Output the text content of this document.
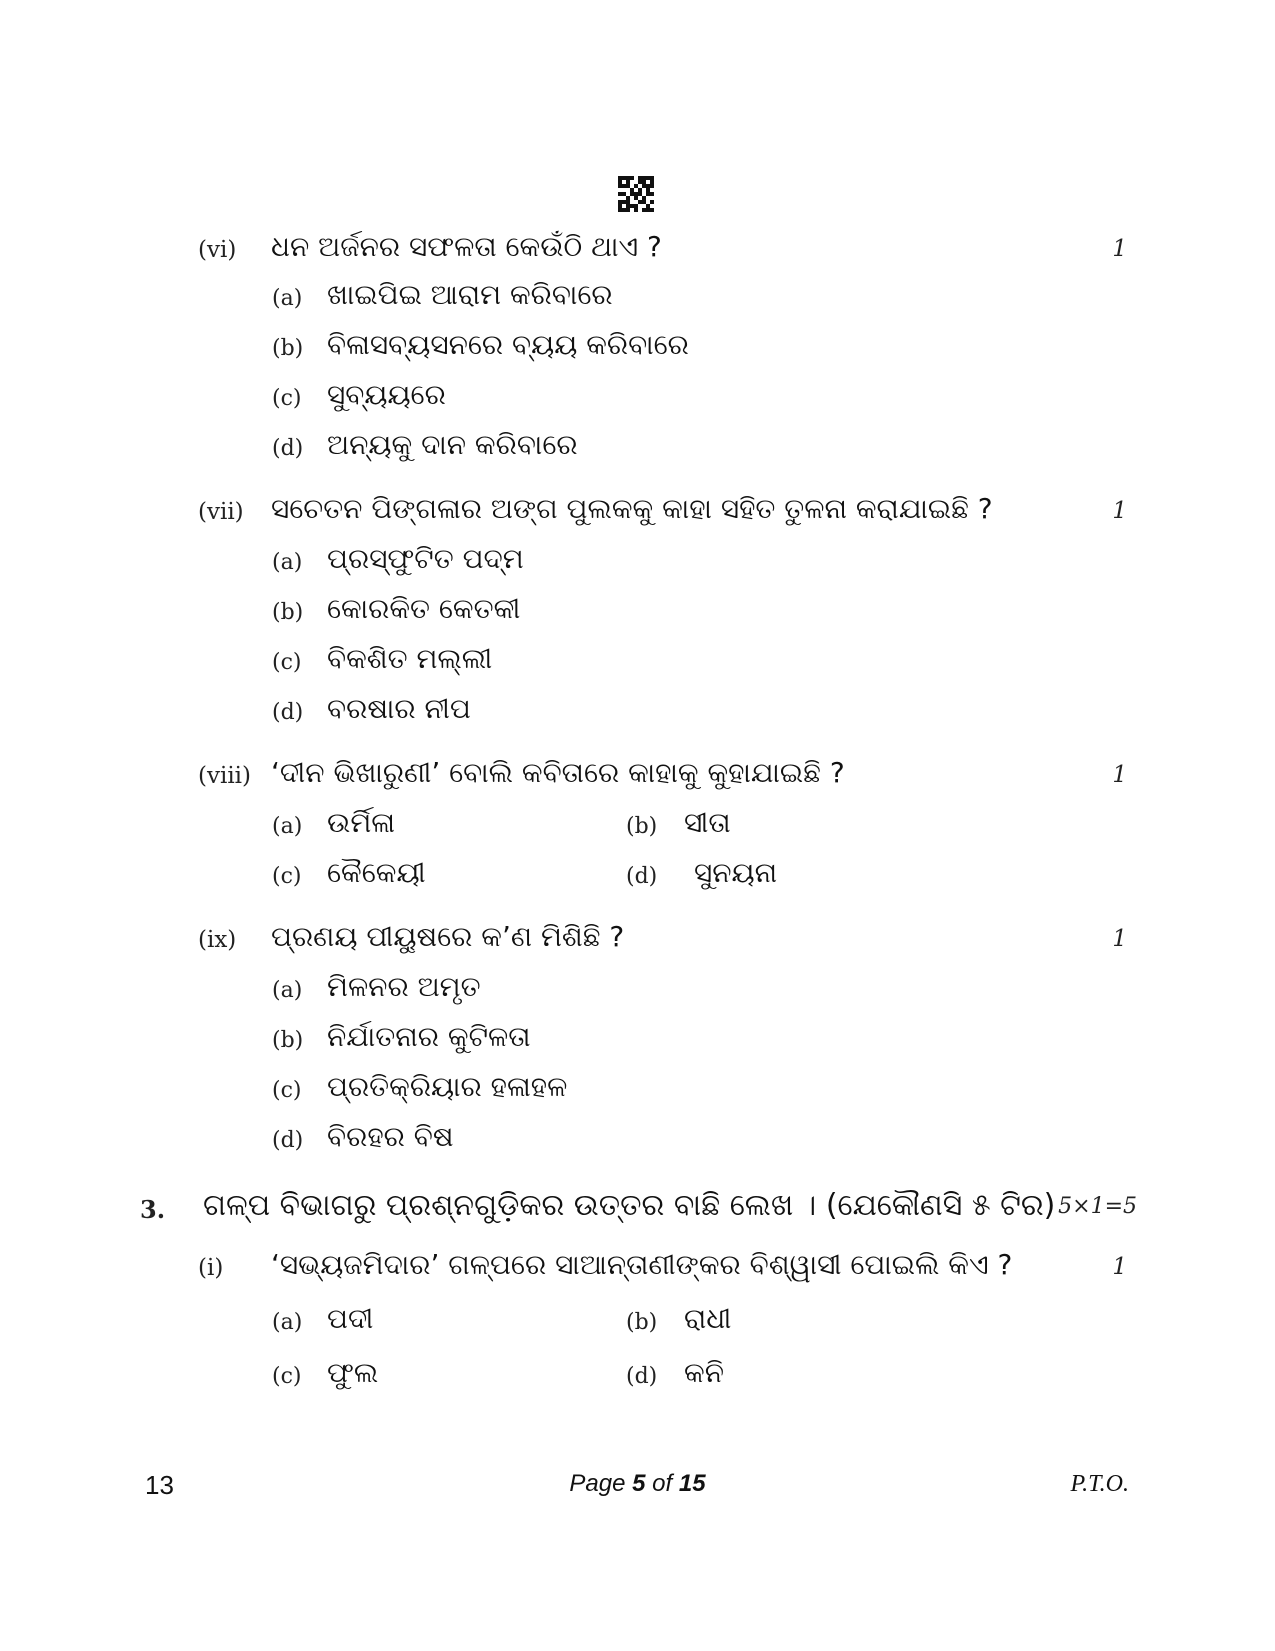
(vi) ଧନ ଅର୍ଜନର ସଫଳତା କେଉଁଠି ଥାଏ ?	1
(a) ଖାଇପିଇ ଆରାମ କରିବାରେ
(b) ବିଳାସବ୍ୟସନରେ ବ୍ୟୟ କରିବାରେ
(c) ସୁବ୍ୟୟରେ
(d) ଅନ୍ୟକୁ ଦାନ କରିବାରେ
(vii) ସଚେତନ ପିଙ୍ଗଳାର ଅଙ୍ଗ ପୁଲକକୁ କାହା ସହିତ ତୁଳନା କରାଯାଇଛି ?	1
(a) ପ୍ରସ୍ଫୁଟିତ ପଦ୍ମ
(b) କୋରକିତ କେତକୀ
(c) ବିକଶିତ ମଲ୍ଲୀ
(d) ବରଷାର ନୀପ
(viii) ‘ଦୀନ ଭିଖାରୁଣୀ’ ବୋଲି କବିତାରେ କାହାକୁ କୁହାଯାଇଛି ?	1
(a) ଉର୍ମିଳା	(b) ସୀତା
(c) କୈକେୟୀ	(d) ସୁନୟନା
(ix) ପ୍ରଣୟ ପୀୟୁଷରେ କ’ଣ ମିଶିଛି ?	1
(a) ମିଳନର ଅମୃତ
(b) ନିର୍ଯାତନାର କୁଟିଳତା
(c) ପ୍ରତିକ୍ରିୟାର ହଳାହଳ
(d) ବିରହର ବିଷ
3. ଗଳ୍ପ ବିଭାଗରୁ ପ୍ରଶ୍ନଗୁଡ଼ିକର ଉତ୍ତର ବାଛି ଲେଖ । (ଯେକୌଣସି ୫ ଟିର) 5×1=5
(i) ‘ସଭ୍ୟଜମିଦାର’ ଗଳ୍ପରେ ସାଆନ୍ତାଣୀଙ୍କର ବିଶ୍ୱାସୀ ପୋଇଲି କିଏ ?	1
(a) ପଦୀ	(b) ରାଧୀ
(c) ଫୁଲ	(d) କନି
13	Page 5 of 15	P.T.O.
